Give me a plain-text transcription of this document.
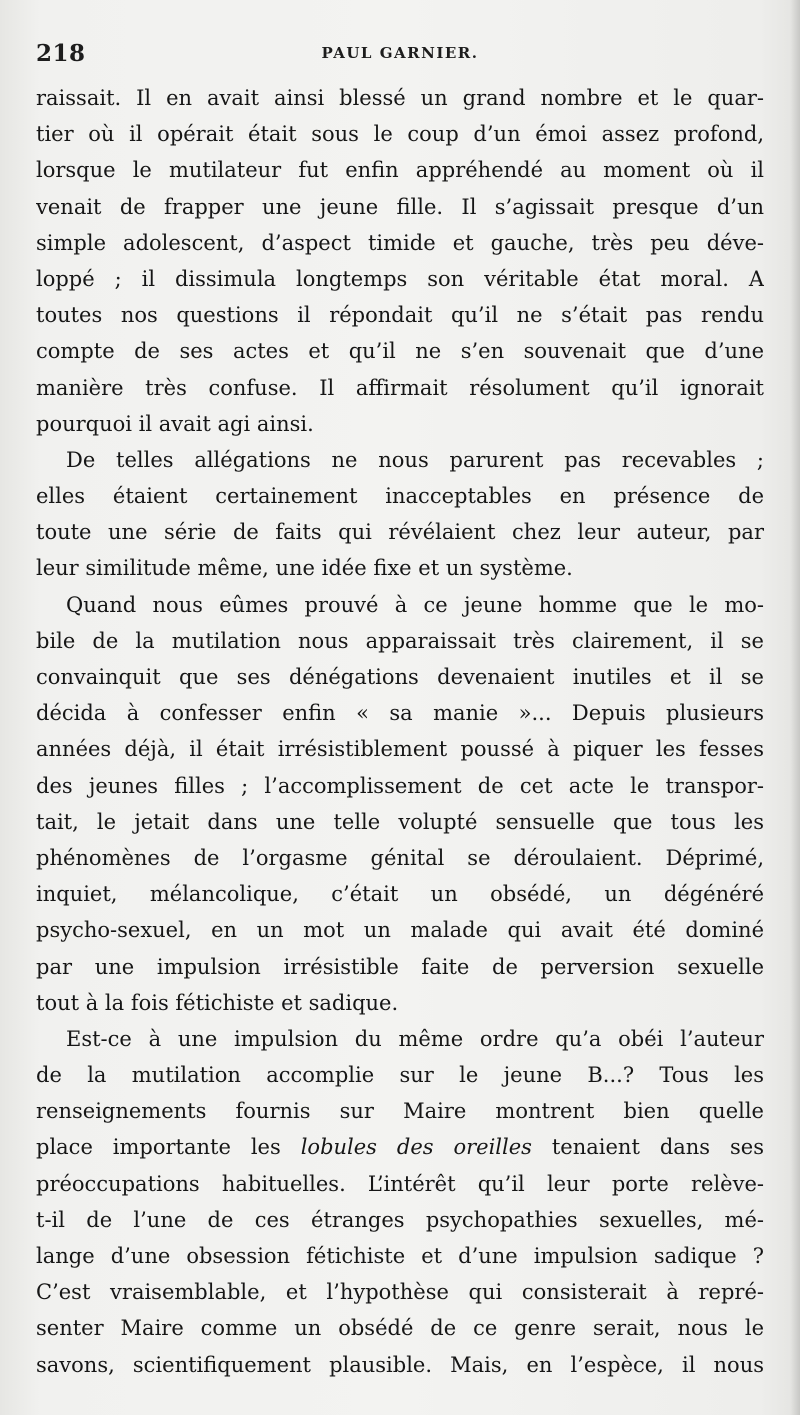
218	PAUL GARNIER.
raissait. Il en avait ainsi blessé un grand nombre et le quar-
tier où il opérait était sous le coup d’un émoi assez profond,
lorsque le mutilateur fut enfin appréhendé au moment où il
venait de frapper une jeune fille. Il s’agissait presque d’un
simple adolescent, d’aspect timide et gauche, très peu déve-
loppé ; il dissimula longtemps son véritable état moral. A
toutes nos questions il répondait qu’il ne s’était pas rendu
compte de ses actes et qu’il ne s’en souvenait que d’une
manière très confuse. Il affirmait résolument qu’il ignorait
pourquoi il avait agi ainsi.
De telles allégations ne nous parurent pas recevables ;
elles étaient certainement inacceptables en présence de
toute une série de faits qui révélaient chez leur auteur, par
leur similitude même, une idée fixe et un système.
Quand nous eûmes prouvé à ce jeune homme que le mo-
bile de la mutilation nous apparaissait très clairement, il se
convainquit que ses dénégations devenaient inutiles et il se
décida à confesser enfin « sa manie »... Depuis plusieurs
années déjà, il était irrésistiblement poussé à piquer les fesses
des jeunes filles ; l’accomplissement de cet acte le transpor-
tait, le jetait dans une telle volupté sensuelle que tous les
phénomènes de l’orgasme génital se déroulaient. Déprimé,
inquiet, mélancolique, c’était un obsédé, un dégénéré
psycho-sexuel, en un mot un malade qui avait été dominé
par une impulsion irrésistible faite de perversion sexuelle
tout à la fois fétichiste et sadique.
Est-ce à une impulsion du même ordre qu’a obéi l’auteur
de la mutilation accomplie sur le jeune B...? Tous les
renseignements fournis sur Maire montrent bien quelle
place importante les lobules des oreilles tenaient dans ses
préoccupations habituelles. L’intérêt qu’il leur porte relève-
t-il de l’une de ces étranges psychopathies sexuelles, mé-
lange d’une obsession fétichiste et d’une impulsion sadique ?
C’est vraisemblable, et l’hypothèse qui consisterait à repré-
senter Maire comme un obsédé de ce genre serait, nous le
savons, scientifiquement plausible. Mais, en l’espèce, il nous
